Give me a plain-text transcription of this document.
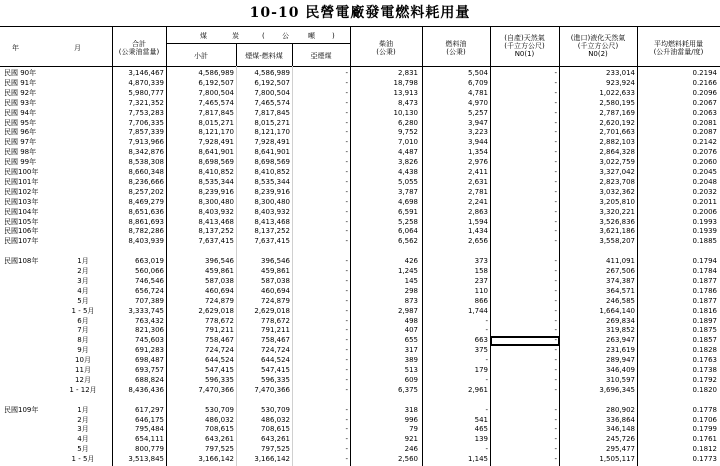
10-10 民營電廠發電燃料耗用量
年	月	合計
(公秉油當量)
煤	炭	( 公	噸 )
小計	煙煤-燃料煤	亞煙煤
柴油
(公秉)
燃料油
(公秉)
(自產)天然氣
(千立方公尺)
N0(1)
(進口)液化天然氣
(千立方公尺)
N0(2)
平均燃料耗用量
(公升油當量/度)
民國 90年	3,146,467	4,586,989	4,586,989	-	2,831	5,504	-	233,014	0.2194
民國 91年	4,870,339	6,192,507	6,192,507	-	18,798	6,709	-	923,924	0.2166
民國 92年	5,980,777	7,800,504	7,800,504	-	13,913	4,781	-	1,022,633	0.2096
民國 93年	7,321,352	7,465,574	7,465,574	-	8,473	4,970	-	2,580,195	0.2067
民國 94年	7,753,283	7,817,845	7,817,845	-	10,130	5,257	-	2,787,169	0.2063
民國 95年	7,706,335	8,015,271	8,015,271	-	6,280	3,947	-	2,620,192	0.2081
民國 96年	7,857,339	8,121,170	8,121,170	-	9,752	3,223	-	2,701,663	0.2087
民國 97年	7,913,966	7,928,491	7,928,491	-	7,010	3,944	-	2,882,103	0.2142
民國 98年	8,342,876	8,641,901	8,641,901	-	4,487	1,354	-	2,864,328	0.2076
民國 99年	8,538,308	8,698,569	8,698,569	-	3,826	2,976	-	3,022,759	0.2060
民國100年	8,660,348	8,410,852	8,410,852	-	4,438	2,411	-	3,327,042	0.2045
民國101年	8,236,666	8,535,344	8,535,344	-	5,055	2,631	-	2,823,708	0.2048
民國102年	8,257,202	8,239,916	8,239,916	-	3,787	2,781	-	3,032,362	0.2032
民國103年	8,469,279	8,300,480	8,300,480	-	4,698	2,241	-	3,205,810	0.2011
民國104年	8,651,636	8,403,932	8,403,932	-	6,591	2,863	-	3,320,221	0.2006
民國105年	8,861,693	8,413,468	8,413,468	-	5,258	1,594	-	3,526,836	0.1993
民國106年	8,782,286	8,137,252	8,137,252	-	6,064	1,434	-	3,621,186	0.1939
民國107年	8,403,939	7,637,415	7,637,415	-	6,562	2,656	-	3,558,207	0.1885
民國108年	1月	663,019	396,546	396,546	-	426	373	-	411,091	0.1794
2月	560,066	459,861	459,861	-	1,245	158	-	267,506	0.1784
3月	746,546	587,038	587,038	-	145	237	-	374,387	0.1877
4月	656,724	460,694	460,694	-	298	110	-	364,571	0.1786
5月	707,389	724,879	724,879	-	873	866	-	246,585	0.1877
1 - 5月	3,333,745	2,629,018	2,629,018	-	2,987	1,744	-	1,664,140	0.1816
6月	763,432	778,672	778,672	-	498	-	-	269,834	0.1897
7月	821,306	791,211	791,211	-	407	-	-	319,852	0.1875
8月	745,603	758,467	758,467	-	655	663	-	263,947	0.1857
9月	691,283	724,724	724,724	-	317	375	-	231,619	0.1828
10月	698,487	644,524	644,524	-	389	-	-	289,947	0.1763
11月	693,757	547,415	547,415	-	513	179	-	346,409	0.1738
12月	688,824	596,335	596,335	-	609	-	-	310,597	0.1792
1 - 12月	8,436,436	7,470,366	7,470,366	-	6,375	2,961	-	3,696,345	0.1820
民國109年	1月	617,297	530,709	530,709	-	318	-	-	280,902	0.1778
2月	646,175	486,032	486,032	-	996	541	-	336,864	0.1706
3月	795,484	708,615	708,615	-	79	465	-	346,148	0.1799
4月	654,111	643,261	643,261	-	921	139	-	245,726	0.1761
5月	800,779	797,525	797,525	-	246	-	-	295,477	0.1812
1 - 5月	3,513,845	3,166,142	3,166,142	-	2,560	1,145	-	1,505,117	0.1773
